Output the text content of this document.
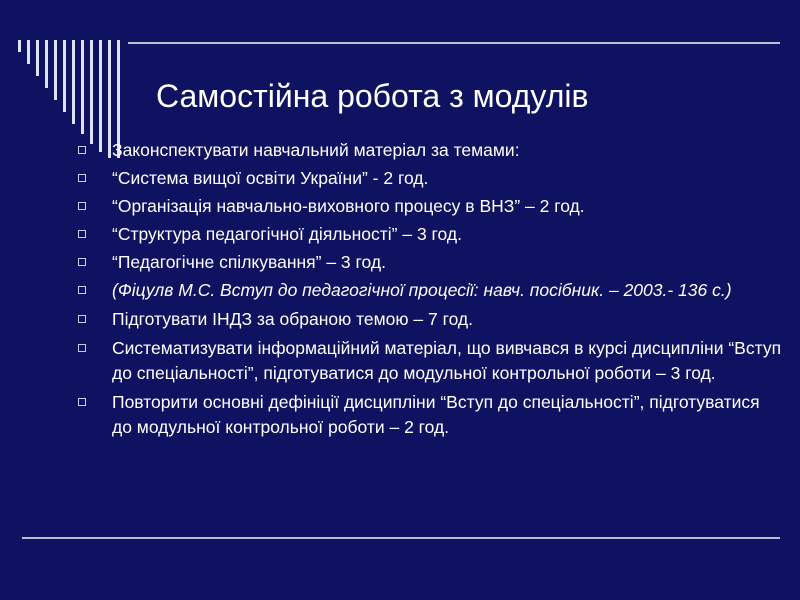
Самостійна робота з модулів
Законспектувати навчальний матеріал за темами:
“Система вищої освіти України” - 2 год.
“Організація навчально-виховного процесу в ВНЗ” – 2 год.
“Структура педагогічної діяльності” – 3 год.
“Педагогічне спілкування” – 3 год.
(Фіцулв М.С. Вступ до педагогічної процесії: навч. посібник. – 2003.- 136 с.)
Підготувати ІНДЗ за обраною темою – 7 год.
Систематизувати інформаційний матеріал, що вивчався в курсі дисципліни “Вступ до спеціальності”, підготуватися до модульної контрольної роботи – 3 год.
Повторити основні дефініції дисципліни “Вступ до спеціальності”, підготуватися до модульної контрольної роботи – 2 год.
